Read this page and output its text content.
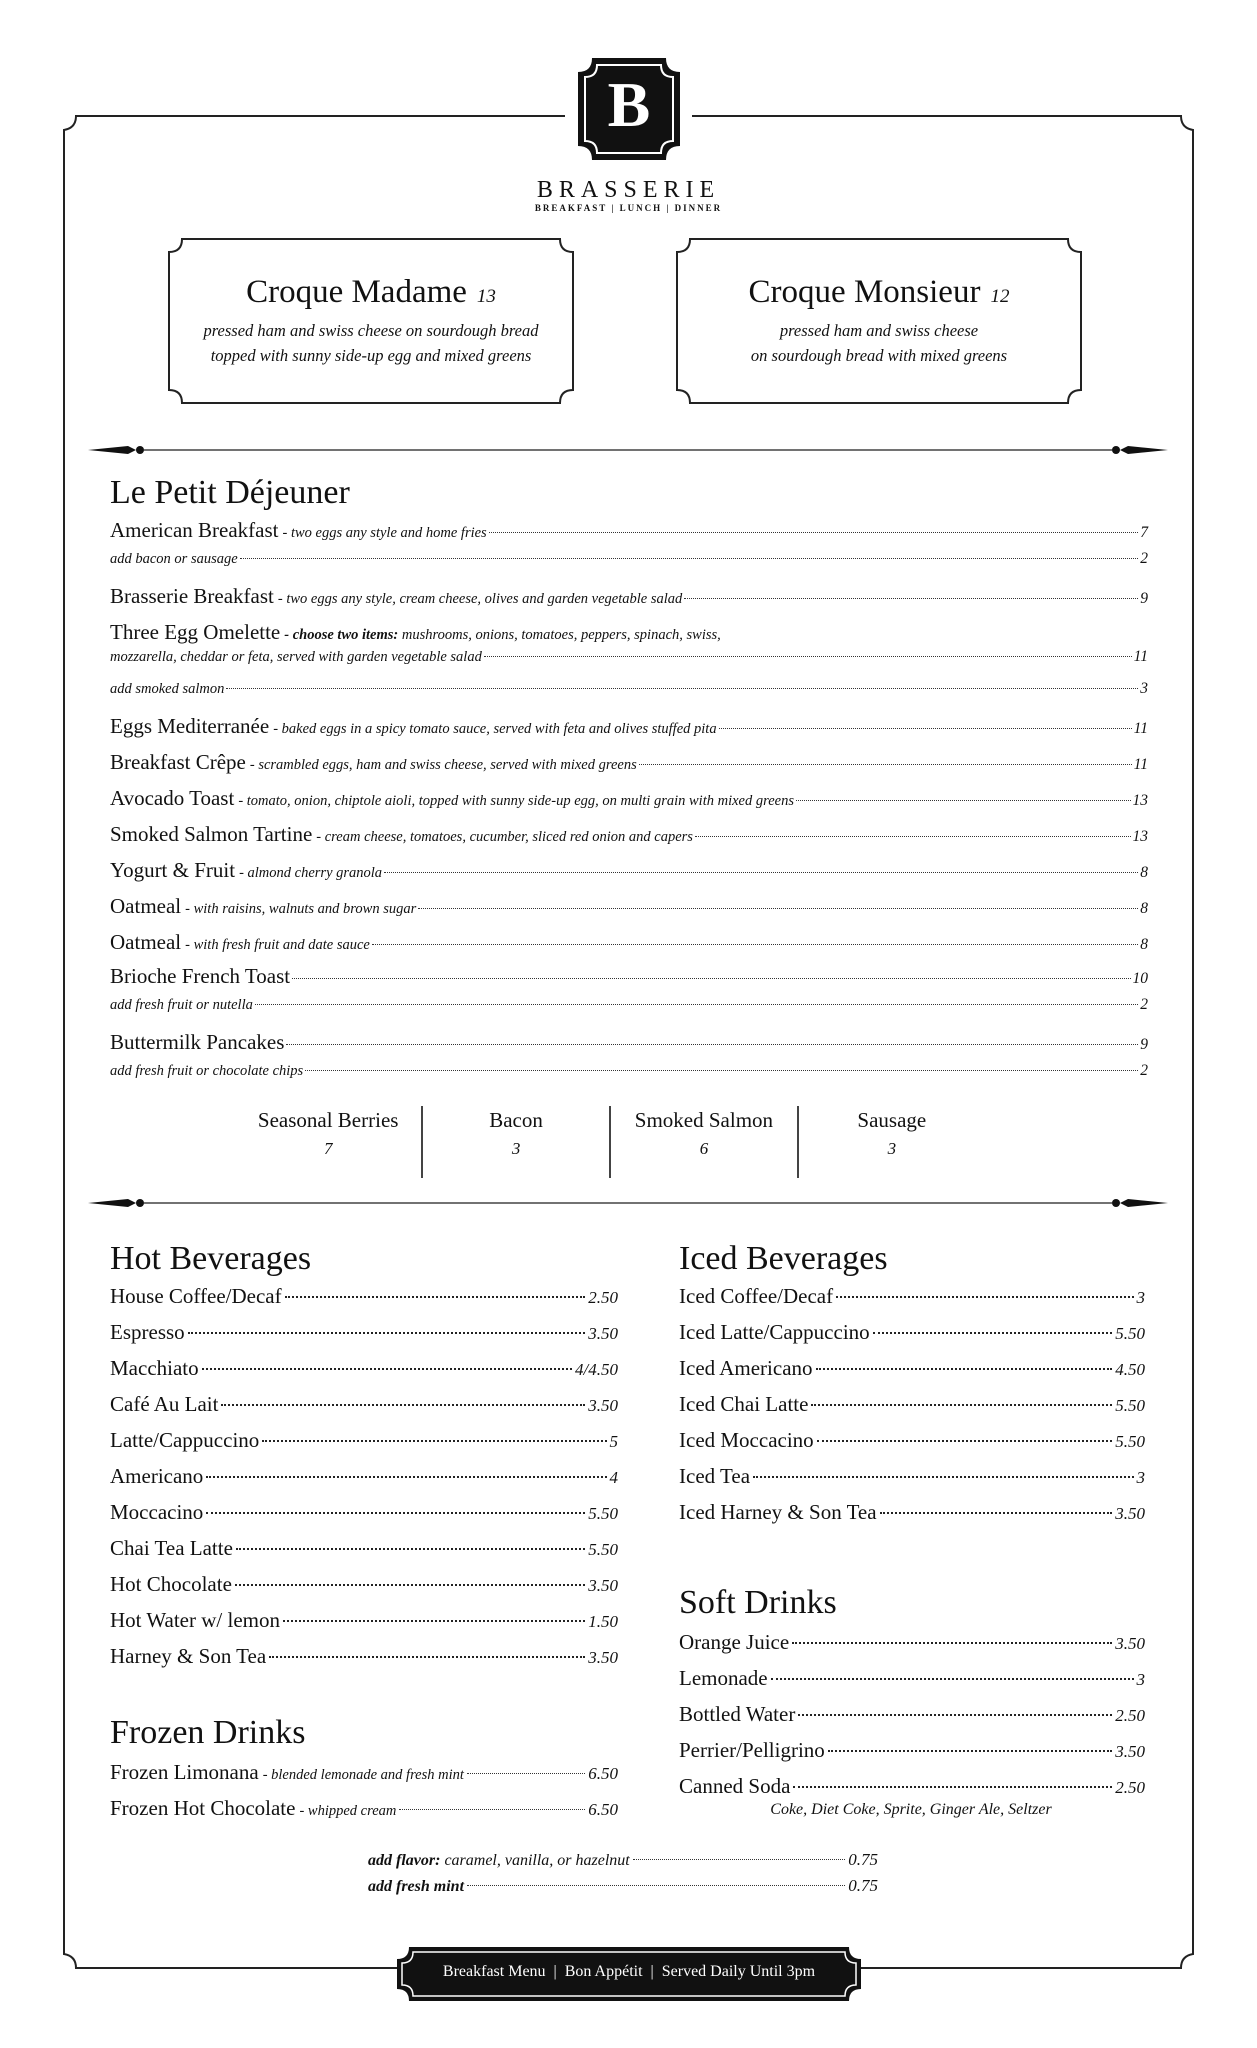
B
BRASSERIE
BREAKFAST | LUNCH | DINNER
Croque Madame 13
pressed ham and swiss cheese on sourdough bread
topped with sunny side-up egg and mixed greens
Croque Monsieur 12
pressed ham and swiss cheese
on sourdough bread with mixed greens
Le Petit Déjeuner
American Breakfast
- two eggs any style and home fries	7
add bacon or sausage	2
Brasserie Breakfast
- two eggs any style, cream cheese, olives and garden vegetable salad	9
Three Egg Omelette
- choose two items: mushrooms, onions, tomatoes, peppers, spinach, swiss,
mozzarella, cheddar or feta, served with garden vegetable salad	11
add smoked salmon	3
Eggs Mediterranée
- baked eggs in a spicy tomato sauce, served with feta and olives stuffed pita	11
Breakfast Crêpe
- scrambled eggs, ham and swiss cheese, served with mixed greens	11
Avocado Toast
- tomato, onion, chiptole aioli, topped with sunny side-up egg, on multi grain with mixed greens	13
Smoked Salmon Tartine
- cream cheese, tomatoes, cucumber, sliced red onion and capers	13
Yogurt & Fruit
- almond cherry granola	8
Oatmeal
- with raisins, walnuts and brown sugar	8
Oatmeal
- with fresh fruit and date sauce	8
Brioche French Toast	10
add fresh fruit or nutella	2
Buttermilk Pancakes	9
add fresh fruit or chocolate chips	2
Seasonal Berries
7
Bacon
3
Smoked Salmon
6
Sausage
3
Hot Beverages
House Coffee/Decaf	2.50
Espresso	3.50
Macchiato	4/4.50
Café Au Lait	3.50
Latte/Cappuccino	5
Americano	4
Moccacino	5.50
Chai Tea Latte	5.50
Hot Chocolate	3.50
Hot Water w/ lemon	1.50
Harney & Son Tea	3.50
Frozen Drinks
Frozen Limonana
- blended lemonade and fresh mint	6.50
Frozen Hot Chocolate
- whipped cream	6.50
Iced Beverages
Iced Coffee/Decaf	3
Iced Latte/Cappuccino	5.50
Iced Americano	4.50
Iced Chai Latte	5.50
Iced Moccacino	5.50
Iced Tea	3
Iced Harney & Son Tea	3.50
Soft Drinks
Orange Juice	3.50
Lemonade	3
Bottled Water	2.50
Perrier/Pelligrino	3.50
Canned Soda	2.50
Coke, Diet Coke, Sprite, Ginger Ale, Seltzer
add flavor: caramel, vanilla, or hazelnut	0.75
add fresh mint	0.75
Breakfast Menu  |  Bon Appétit  |  Served Daily Until 3pm
